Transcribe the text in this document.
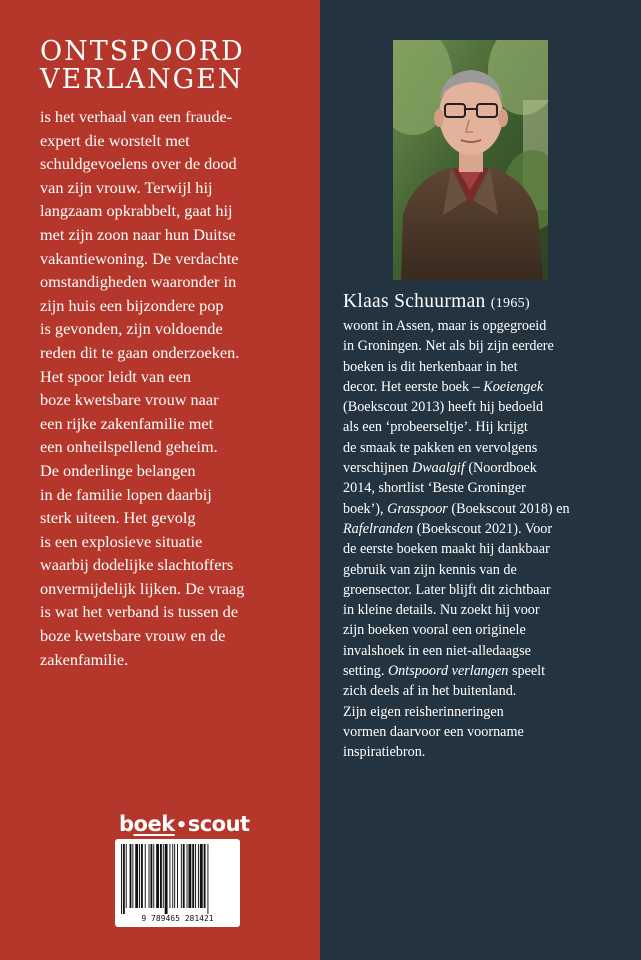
ONTSPOORD
VERLANGEN
is het verhaal van een fraude-
expert die worstelt met
schuldgevoelens over de dood
van zijn vrouw. Terwijl hij
langzaam opkrabbelt, gaat hij
met zijn zoon naar hun Duitse
vakantiewoning. De verdachte
omstandigheden waaronder in
zijn huis een bijzondere pop
is gevonden, zijn voldoende
reden dit te gaan onderzoeken.
Het spoor leidt van een
boze kwetsbare vrouw naar
een rijke zakenfamilie met
een onheilspellend geheim.
De onderlinge belangen
in de familie lopen daarbij
sterk uiteen. Het gevolg
is een explosieve situatie
waarbij dodelijke slachtoffers
onvermijdelijk lijken. De vraag
is wat het verband is tussen de
boze kwetsbare vrouw en de
zakenfamilie.
boek•scout
9 789465 281421
Klaas Schuurman (1965)
woont in Assen, maar is opgegroeid
in Groningen. Net als bij zijn eerdere
boeken is dit herkenbaar in het
decor. Het eerste boek – Koeiengek
(Boekscout 2013) heeft hij bedoeld
als een ‘probeerseltje’. Hij krijgt
de smaak te pakken en vervolgens
verschijnen Dwaalgif (Noordboek
2014, shortlist ‘Beste Groninger
boek’), Grasspoor (Boekscout 2018) en
Rafelranden (Boekscout 2021). Voor
de eerste boeken maakt hij dankbaar
gebruik van zijn kennis van de
groensector. Later blijft dit zichtbaar
in kleine details. Nu zoekt hij voor
zijn boeken vooral een originele
invalshoek in een niet-alledaagse
setting. Ontspoord verlangen speelt
zich deels af in het buitenland.
Zijn eigen reisherinneringen
vormen daarvoor een voorname
inspiratiebron.
